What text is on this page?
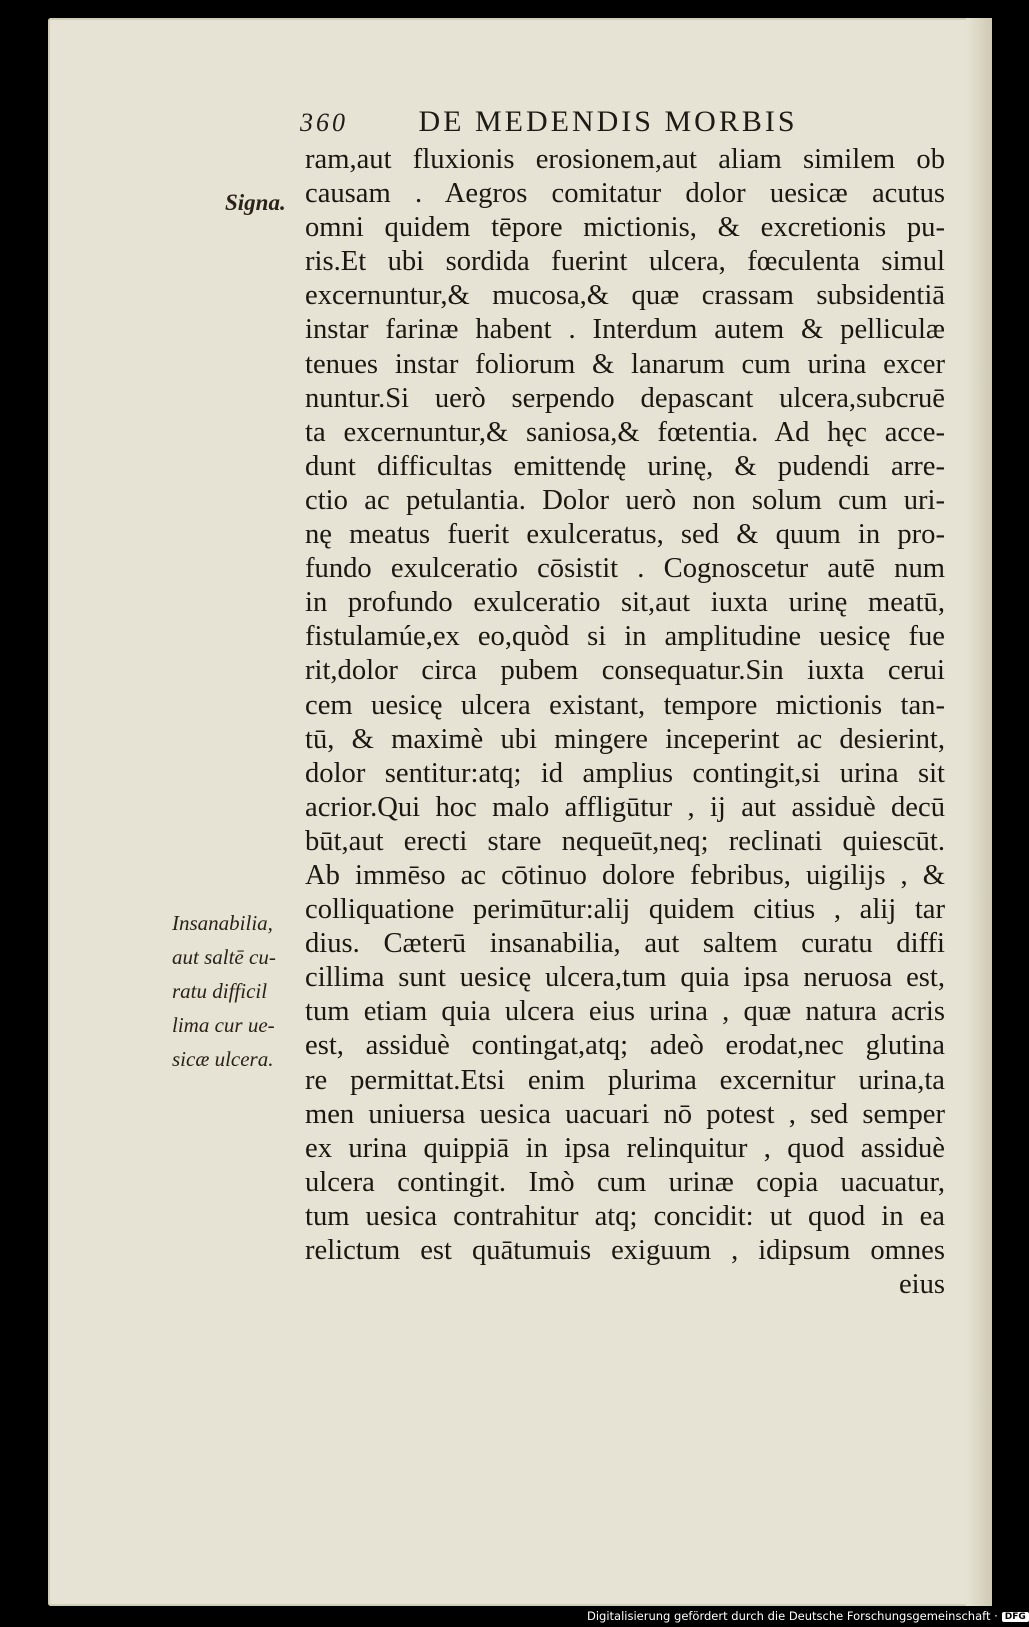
360 DE MEDENDIS MORBIS
Signa.
Insanabilia,
aut saltē cu-
ratu difficil
lima cur ue-
sicæ ulcera.
ram,aut fluxionis erosionem,aut aliam similem ob
causam . Aegros comitatur dolor uesicæ acutus
omni quidem tēpore mictionis, & excretionis pu-
ris.Et ubi sordida fuerint ulcera, fœculenta simul
excernuntur,& mucosa,& quæ crassam subsidentiā
instar farinæ habent . Interdum autem & pelliculæ
tenues instar foliorum & lanarum cum urina excer
nuntur.Si uerò serpendo depascant ulcera,subcruē
ta excernuntur,& saniosa,& fœtentia. Ad hęc acce-
dunt difficultas emittendę urinę, & pudendi arre-
ctio ac petulantia. Dolor uerò non solum cum uri-
nę meatus fuerit exulceratus, sed & quum in pro-
fundo exulceratio cōsistit . Cognoscetur autē num
in profundo exulceratio sit,aut iuxta urinę meatū,
fistulamúe,ex eo,quòd si in amplitudine uesicę fue
rit,dolor circa pubem consequatur.Sin iuxta cerui
cem uesicę ulcera existant, tempore mictionis tan-
tū, & maximè ubi mingere inceperint ac desierint,
dolor sentitur:atq; id amplius contingit,si urina sit
acrior.Qui hoc malo affligūtur , ij aut assiduè decū
būt,aut erecti stare nequeūt,neq; reclinati quiescūt.
Ab immēso ac cōtinuo dolore febribus, uigilijs , &
colliquatione perimūtur:alij quidem citius , alij tar
dius. Cæterū insanabilia, aut saltem curatu diffi
cillima sunt uesicę ulcera,tum quia ipsa neruosa est,
tum etiam quia ulcera eius urina , quæ natura acris
est, assiduè contingat,atq; adeò erodat,nec glutina
re permittat.Etsi enim plurima excernitur urina,ta
men uniuersa uesica uacuari nō potest , sed semper
ex urina quippiā in ipsa relinquitur , quod assiduè
ulcera contingit. Imò cum urinæ copia uacuatur,
tum uesica contrahitur atq; concidit: ut quod in ea
relictum est quātumuis exiguum , idipsum omnes
eius
Digitalisierung gefördert durch die Deutsche Forschungsgemeinschaft · DFG
